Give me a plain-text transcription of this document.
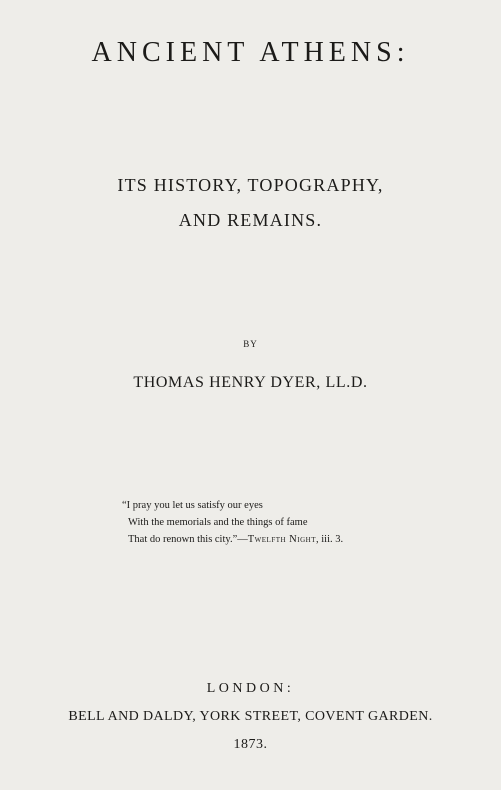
ANCIENT ATHENS:

ITS HISTORY, TOPOGRAPHY,

AND REMAINS.

BY

THOMAS HENRY DYER, LL.D.

“I pray you let us satisfy our eyes
With the memorials and the things of fame
That do renown this city.”—Twelfth Night, iii. 3.

LONDON:

BELL AND DALDY, YORK STREET, COVENT GARDEN.

1873.
